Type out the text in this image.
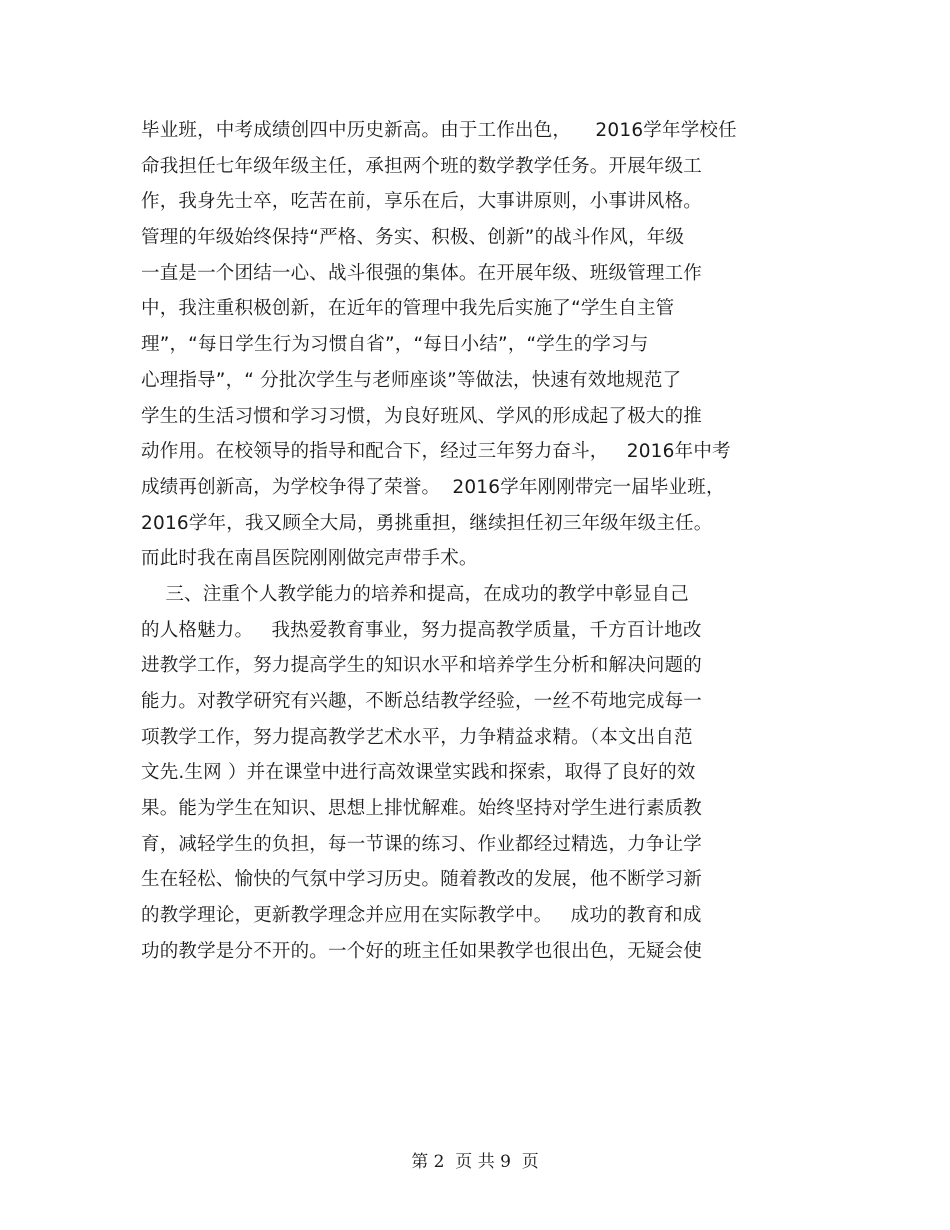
毕业班，中考成绩创四中历史新高。由于工作出色，    2016学年学校任
命我担任七年级年级主任，承担两个班的数学教学任务。开展年级工
作，我身先士卒，吃苦在前，享乐在后，大事讲原则，小事讲风格。
管理的年级始终保持“严格、务实、积极、创新”的战斗作风，年级
一直是一个团结一心、战斗很强的集体。在开展年级、班级管理工作
中，我注重积极创新，在近年的管理中我先后实施了“学生自主管
理”，“每日学生行为习惯自省”，“每日小结”，“学生的学习与
心理指导”，“ 分批次学生与老师座谈”等做法，快速有效地规范了
学生的生活习惯和学习习惯，为良好班风、学风的形成起了极大的推
动作用。在校领导的指导和配合下，经过三年努力奋斗，   2016年中考
成绩再创新高，为学校争得了荣誉。  2016学年刚刚带完一届毕业班，
2016学年，我又顾全大局，勇挑重担，继续担任初三年级年级主任。
而此时我在南昌医院刚刚做完声带手术。
三、注重个人教学能力的培养和提高，在成功的教学中彰显自己
的人格魅力。   我热爱教育事业，努力提高教学质量，千方百计地改
进教学工作，努力提高学生的知识水平和培养学生分析和解决问题的
能力。对教学研究有兴趣，不断总结教学经验，一丝不苟地完成每一
项教学工作，努力提高教学艺术水平，力争精益求精。（本文出自范
文先.生网 ）并在课堂中进行高效课堂实践和探索，取得了良好的效
果。能为学生在知识、思想上排忧解难。始终坚持对学生进行素质教
育，减轻学生的负担，每一节课的练习、作业都经过精选，力争让学
生在轻松、愉快的气氛中学习历史。随着教改的发展，他不断学习新
的教学理论，更新教学理念并应用在实际教学中。   成功的教育和成
功的教学是分不开的。一个好的班主任如果教学也很出色，无疑会使
第 2  页 共 9  页
